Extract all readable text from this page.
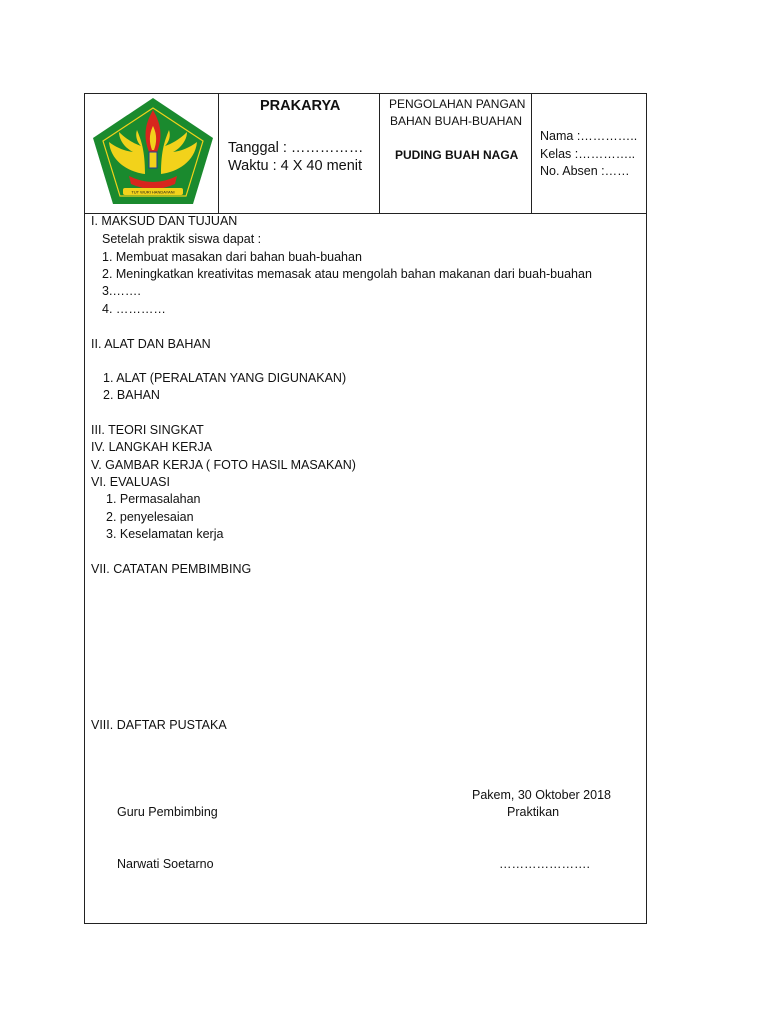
TUT WURI HANDAYANI
PRAKARYA
Tanggal : ……………
Waktu : 4 X 40 menit
PENGOLAHAN PANGAN
BAHAN BUAH-BUAHAN
PUDING BUAH NAGA
Nama :…………..
Kelas :…………..
No. Absen :……
I. MAKSUD DAN TUJUAN
Setelah praktik siswa dapat :
1. Membuat masakan dari bahan buah-buahan
2. Meningkatkan kreativitas memasak atau mengolah bahan makanan dari buah-buahan
3.…….
4. …………
II. ALAT DAN BAHAN
1. ALAT (PERALATAN YANG DIGUNAKAN)
2. BAHAN
III. TEORI SINGKAT
IV. LANGKAH KERJA
V. GAMBAR KERJA ( FOTO HASIL MASAKAN)
VI. EVALUASI
1. Permasalahan
2. penyelesaian
3. Keselamatan kerja
VII. CATATAN PEMBIMBING
VIII. DAFTAR PUSTAKA
Pakem, 30 Oktober 2018
Praktikan
Guru Pembimbing
Narwati Soetarno	………………….
